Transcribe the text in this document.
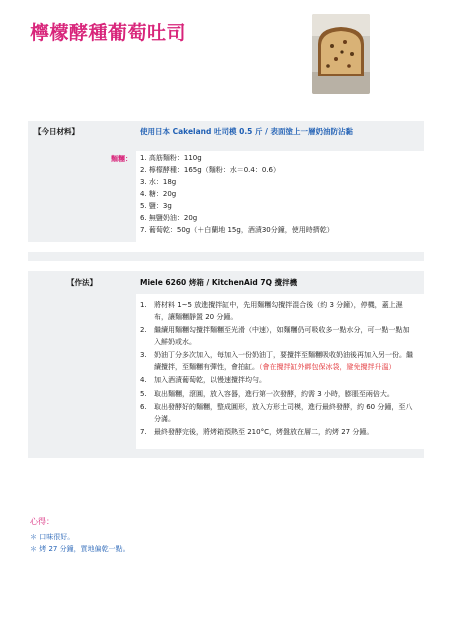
檸檬酵種葡萄吐司
【今日材料】	使用日本 Cakeland 吐司模 0.5 斤 / 表面塗上一層奶油防沾黏
麵糰：	1. 高筋麵粉：110g
2. 檸檬酵種：165g（麵粉：水＝0.4：0.6）
3. 水：18g
4. 糖：20g
5. 鹽：3g
6. 無鹽奶油：20g
7. 葡萄乾：50g（＋白蘭地 15g，酒漬30分鐘，使用時擠乾）
【作法】	Miele 6260 烤箱 / KitchenAid 7Q 攪拌機
1. 將材料 1~5 放進攪拌缸中，先用麵糰勾攪拌混合後（約 3 分鐘），停機，蓋上濕布，讓麵糰靜置 20 分鐘。
2. 繼續用麵糰勾攪拌麵糰至光滑（中速），如麵糰仍可吸收多一點水分，可一點一點加入鮮奶或水。
3. 奶油丁分多次加入，每加入一份奶油丁，要攪拌至麵糰吸收奶油後再加入另一份。繼續攪拌，至麵糰有彈性，會拍缸。（會在攪拌缸外綁包保冰袋，避免攪拌升溫）
4. 加入酒漬葡萄乾，以慢速攪拌均勻。
5. 取出麵糰，滾圓，放入容器，進行第一次發酵，約需 3 小時，膨脹至兩倍大。
6. 取出發酵好的麵糰，整成圓形，放入方形土司模，進行最終發酵，約 60 分鐘，至八分滿。
7. 最終發酵完後，將烤箱預熱至 210°C，烤盤放在層二，約烤 27 分鐘。
心得：
＊ 口味很好。
＊ 烤 27 分鐘，質地偏乾一點。
